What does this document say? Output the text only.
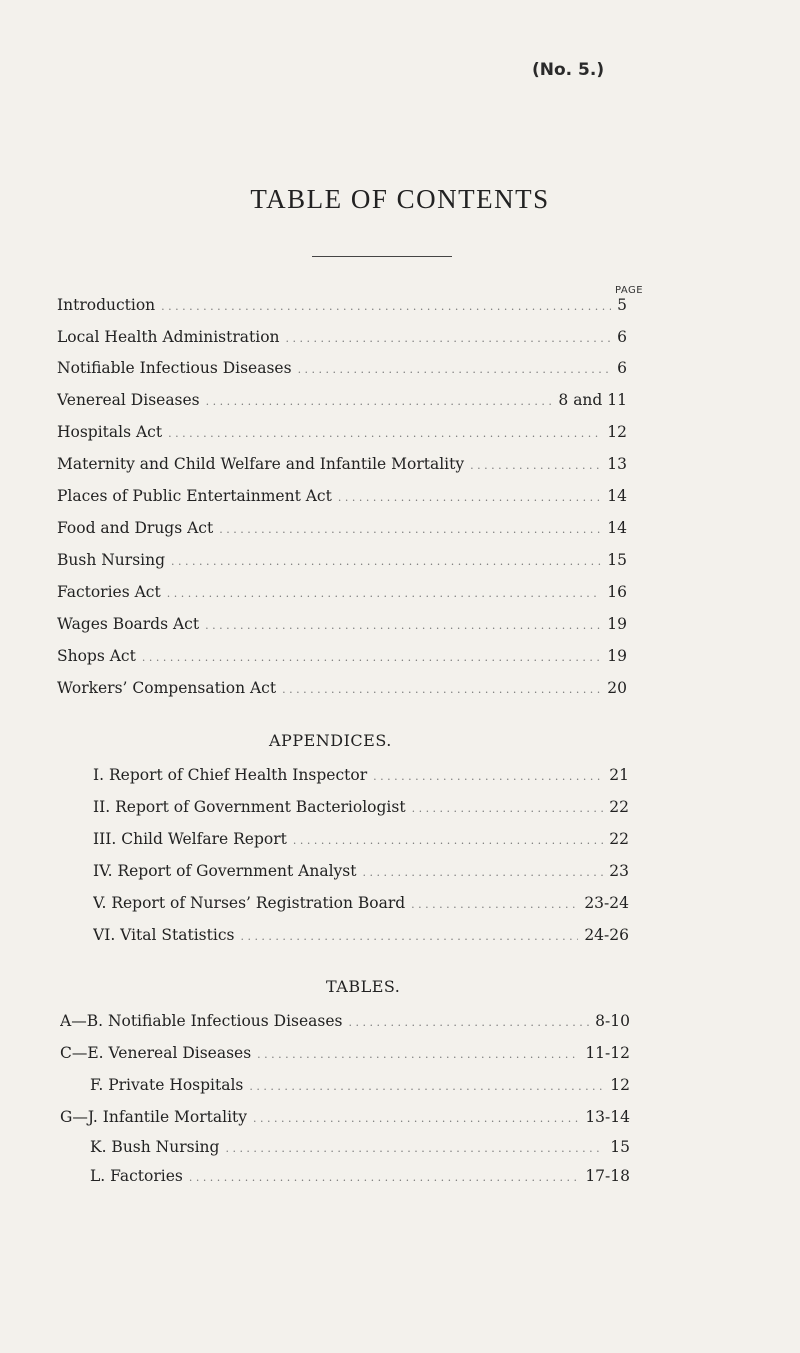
(No. 5.)
TABLE OF CONTENTS
PAGE
Introduction . . .	5
Local Health Administration . . .	6
Notifiable Infectious Diseases . . .	6
Venereal Diseases . . .	8 and 11
Hospitals Act . . .	12
Maternity and Child Welfare and Infantile Mortality . . .	13
Places of Public Entertainment Act . . .	14
Food and Drugs Act . . .	14
Bush Nursing . . .	15
Factories Act . . .	16
Wages Boards Act . . .	19
Shops Act . . .	19
Workers’ Compensation Act . . .	20
APPENDICES.
I. Report of Chief Health Inspector . . .	21
II. Report of Government Bacteriologist . . .	22
III. Child Welfare Report . . .	22
IV. Report of Government Analyst . . .	23
V. Report of Nurses’ Registration Board . . .	23-24
VI. Vital Statistics . . .	24-26
TABLES.
A—B. Notifiable Infectious Diseases . . .	8-10
C—E. Venereal Diseases . . .	11-12
F. Private Hospitals . . .	12
G—J. Infantile Mortality . . .	13-14
K. Bush Nursing . . .	15
L. Factories . . .	17-18
